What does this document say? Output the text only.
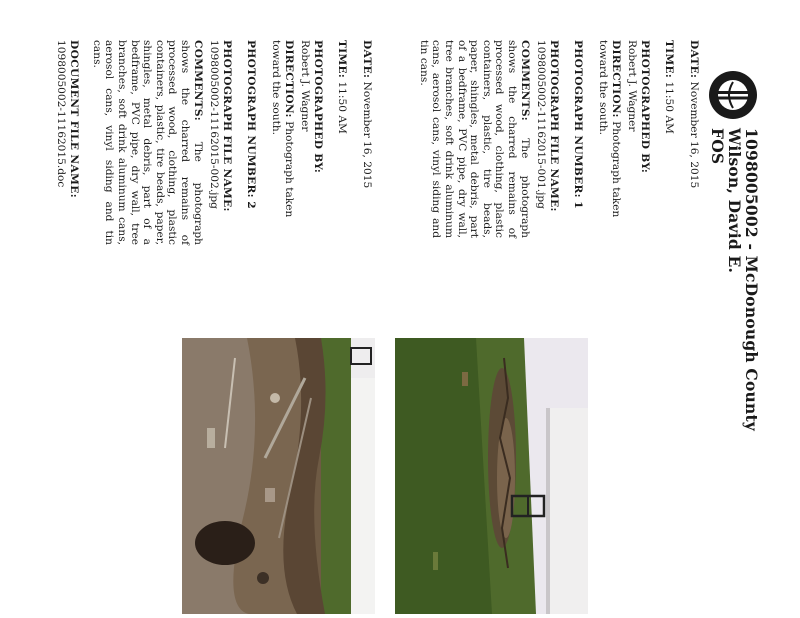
1098005002 - McDonough County
Wilson, David E.
FOS
DATE: November 16, 2015
TIME: 11:50 AM
PHOTOGRAPHED BY:
Robert J. Wagner
DIRECTION: Photograph taken toward the south.
PHOTOGRAPH NUMBER: 1
PHOTOGRAPH FILE NAME:
1098005002-11162015-001.jpg
COMMENTS: The photograph shows the charred remains of processed wood, clothing, plastic containers, plastic, tire beads, paper, shingles, metal debris, part of a bedframe, PVC pipe, dry wall, tree branches, soft drink aluminum cans, aerosol cans, vinyl siding and tin cans.
DATE: November 16, 2015
TIME: 11:50 AM
PHOTOGRAPHED BY:
Robert J. Wagner
DIRECTION: Photograph taken toward the south.
PHOTOGRAPH NUMBER: 2
PHOTOGRAPH FILE NAME:
1098005002-11162015-002.jpg
COMMENTS: The photograph shows the charred remains of processed wood, clothing, plastic containers, plastic, tire beads, paper, shingles, metal debris, part of a bedframe, PVC pipe, dry wall, tree branches, soft drink aluminum cans, aerosol cans, vinyl siding and tin cans.
DOCUMENT FILE NAME:
1098005002-11162015.doc
